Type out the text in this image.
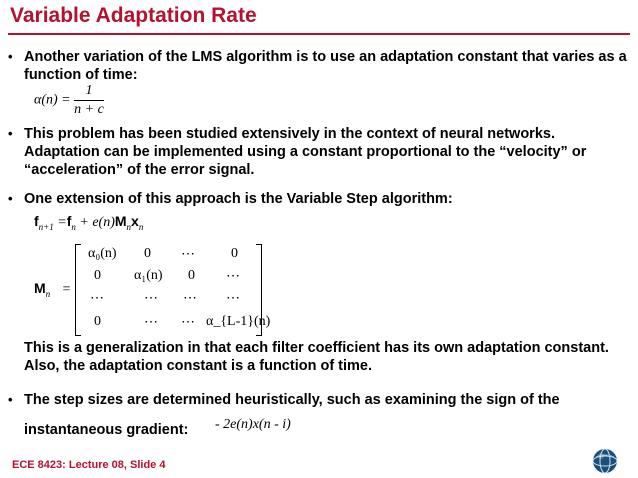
Variable Adaptation Rate
• Another variation of the LMS algorithm is to use an adaptation constant that varies as a function of time:
$\alpha(n) = \frac{1}{n + c}$
• This problem has been studied extensively in the context of neural networks. Adaptation can be implemented using a constant proportional to the “velocity” or “acceleration” of the error signal.
• One extension of this approach is the Variable Step algorithm:
$f_{n+1} =f_n + e(n)M_nx_n$
$M_n$ =
α₀(n) 0 ⋯	0
0 α₁(n) 0 ⋯
⋯	⋯ ⋯ ⋯
0	⋯ ⋯ α_{L-1}(n)
This is a generalization in that each filter coefficient has its own adaptation constant. Also, the adaptation constant is a function of time.
• The step sizes are determined heuristically, such as examining the sign of the
instantaneous gradient: - 2e(n)x(n - i)
ECE 8423: Lecture 08, Slide 4
